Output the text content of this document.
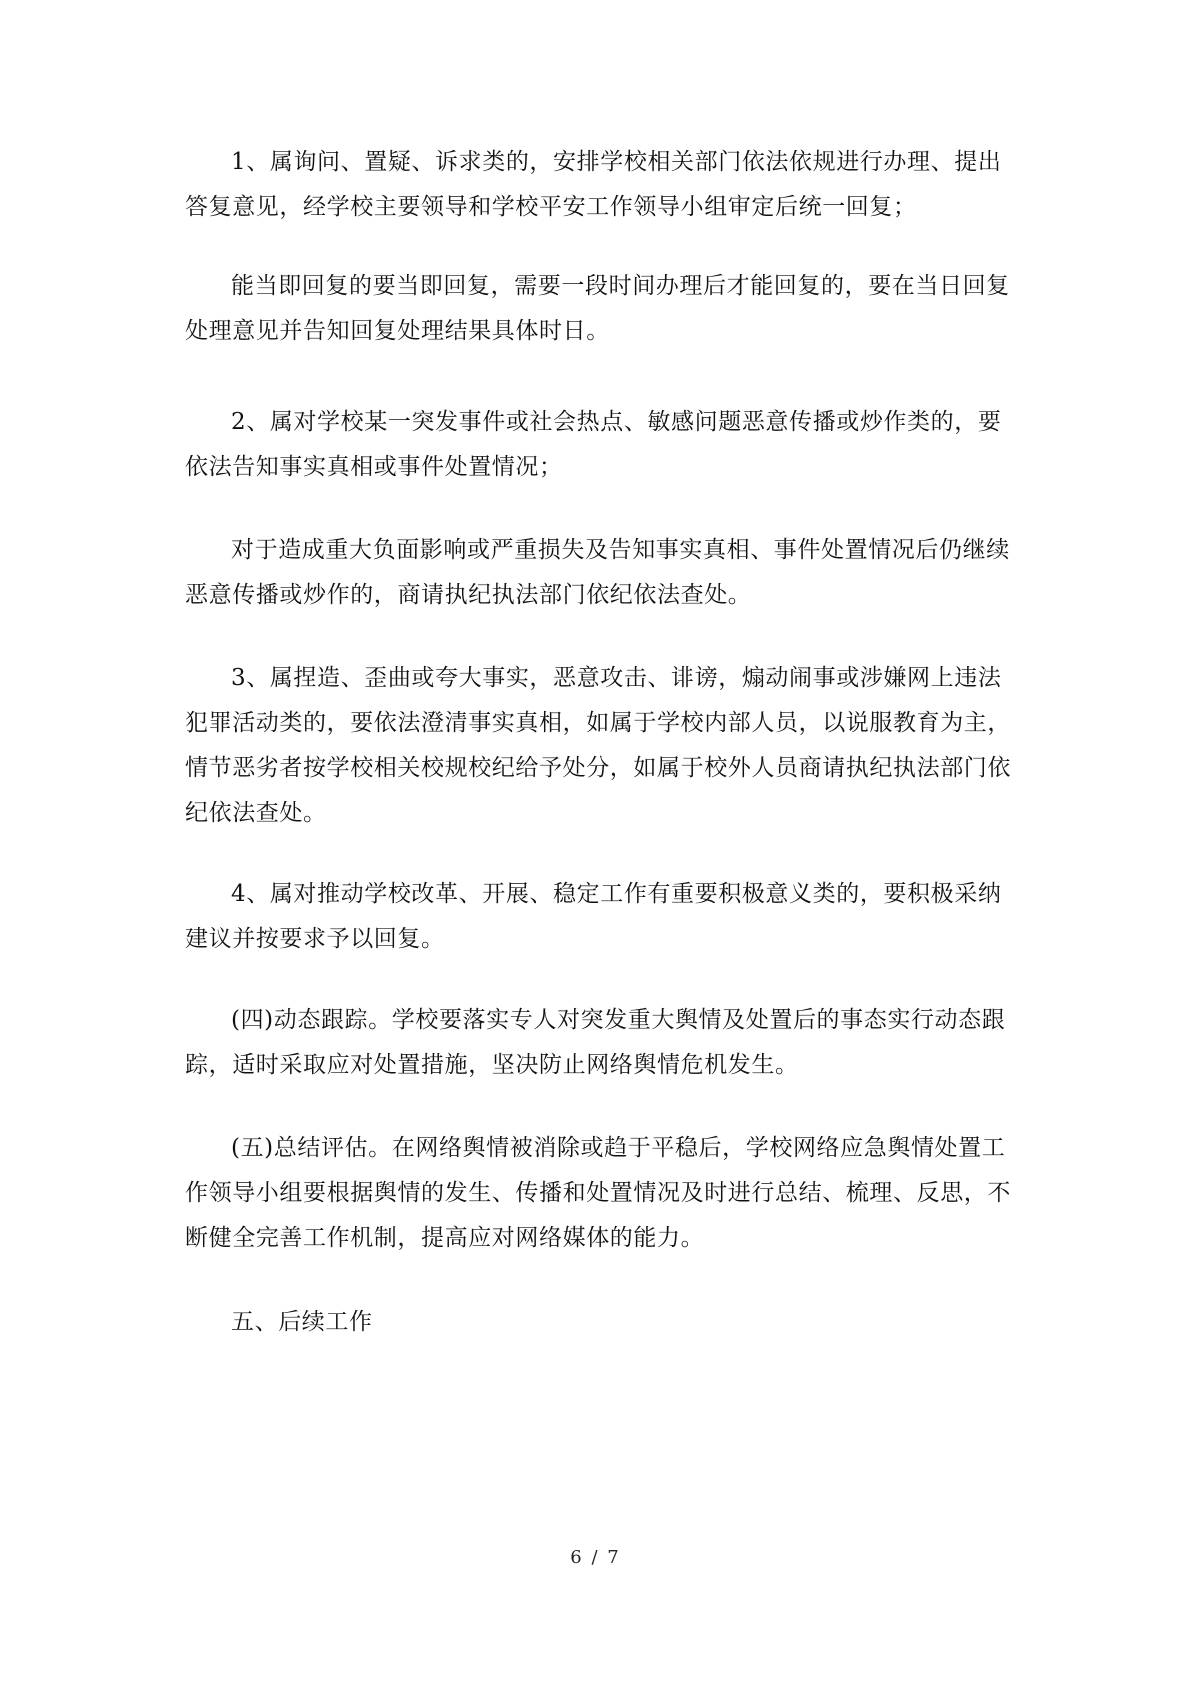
1、属询问、置疑、诉求类的，安排学校相关部门依法依规进行办理、提出答复意见，经学校主要领导和学校平安工作领导小组审定后统一回复；

能当即回复的要当即回复，需要一段时间办理后才能回复的，要在当日回复处理意见并告知回复处理结果具体时日。

2、属对学校某一突发事件或社会热点、敏感问题恶意传播或炒作类的，要依法告知事实真相或事件处置情况；

对于造成重大负面影响或严重损失及告知事实真相、事件处置情况后仍继续恶意传播或炒作的，商请执纪执法部门依纪依法查处。

3、属捏造、歪曲或夸大事实，恶意攻击、诽谤，煽动闹事或涉嫌网上违法犯罪活动类的，要依法澄清事实真相，如属于学校内部人员，以说服教育为主，情节恶劣者按学校相关校规校纪给予处分，如属于校外人员商请执纪执法部门依纪依法查处。

4、属对推动学校改革、开展、稳定工作有重要积极意义类的，要积极采纳建议并按要求予以回复。

(四)动态跟踪。学校要落实专人对突发重大舆情及处置后的事态实行动态跟踪，适时采取应对处置措施，坚决防止网络舆情危机发生。

(五)总结评估。在网络舆情被消除或趋于平稳后，学校网络应急舆情处置工作领导小组要根据舆情的发生、传播和处置情况及时进行总结、梳理、反思，不断健全完善工作机制，提高应对网络媒体的能力。

五、后续工作

6 / 7
